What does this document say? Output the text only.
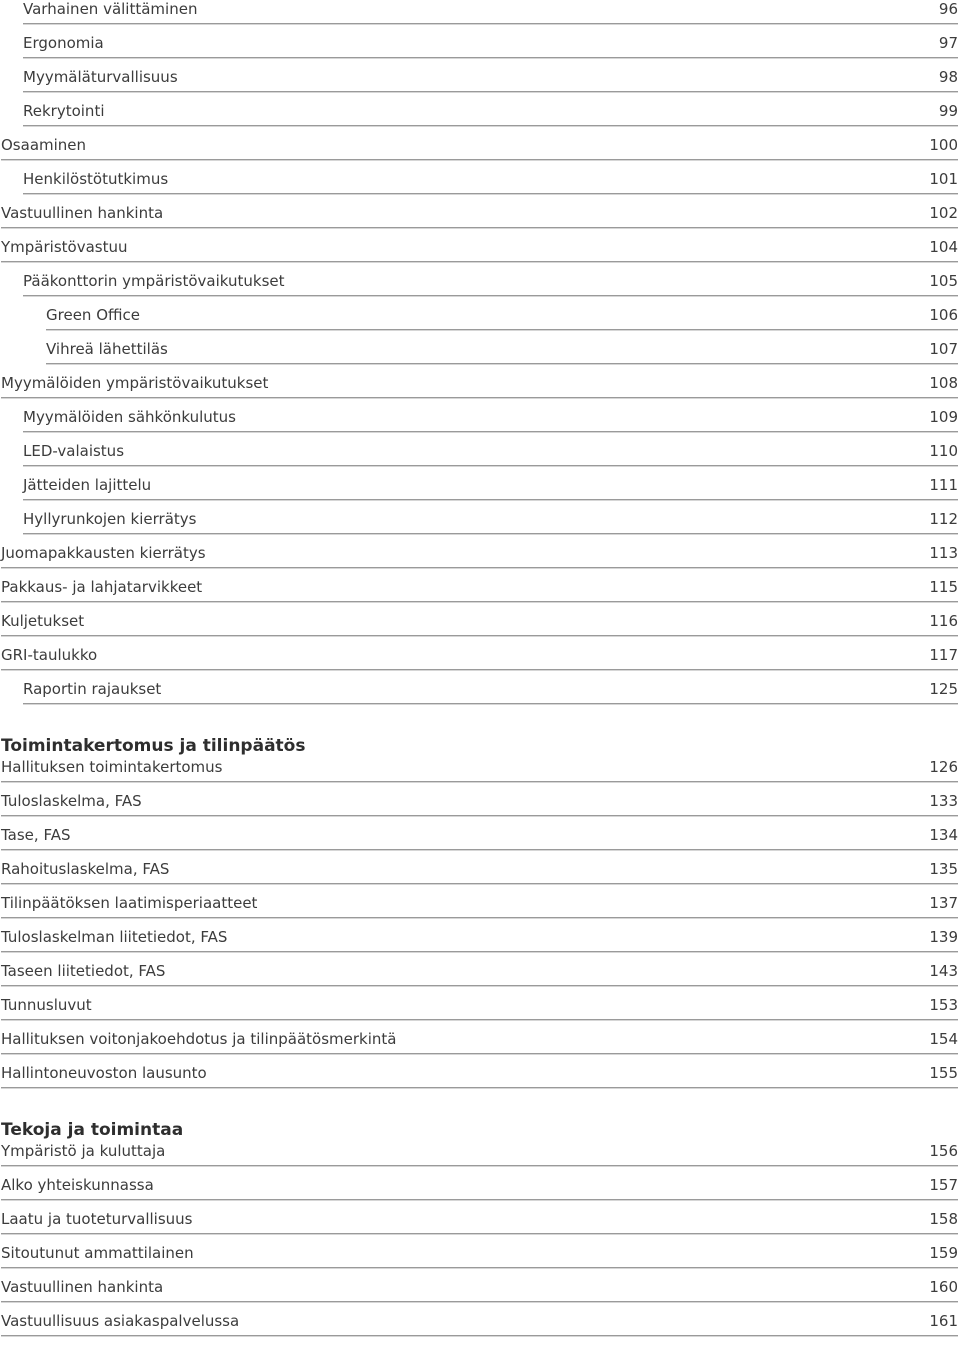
Varhainen välittäminen	96
Ergonomia	97
Myymäläturvallisuus	98
Rekrytointi	99
Osaaminen	100
Henkilöstötutkimus	101
Vastuullinen hankinta	102
Ympäristövastuu	104
Pääkonttorin ympäristövaikutukset	105
Green Office	106
Vihreä lähettiläs	107
Myymälöiden ympäristövaikutukset	108
Myymälöiden sähkönkulutus	109
LED-valaistus	110
Jätteiden lajittelu	111
Hyllyrunkojen kierrätys	112
Juomapakkausten kierrätys	113
Pakkaus- ja lahjatarvikkeet	115
Kuljetukset	116
GRI-taulukko	117
Raportin rajaukset	125
Toimintakertomus ja tilinpäätös
Hallituksen toimintakertomus	126
Tuloslaskelma, FAS	133
Tase, FAS	134
Rahoituslaskelma, FAS	135
Tilinpäätöksen laatimisperiaatteet	137
Tuloslaskelman liitetiedot, FAS	139
Taseen liitetiedot, FAS	143
Tunnusluvut	153
Hallituksen voitonjakoehdotus ja tilinpäätösmerkintä	154
Hallintoneuvoston lausunto	155
Tekoja ja toimintaa
Ympäristö ja kuluttaja	156
Alko yhteiskunnassa	157
Laatu ja tuoteturvallisuus	158
Sitoutunut ammattilainen	159
Vastuullinen hankinta	160
Vastuullisuus asiakaspalvelussa	161
